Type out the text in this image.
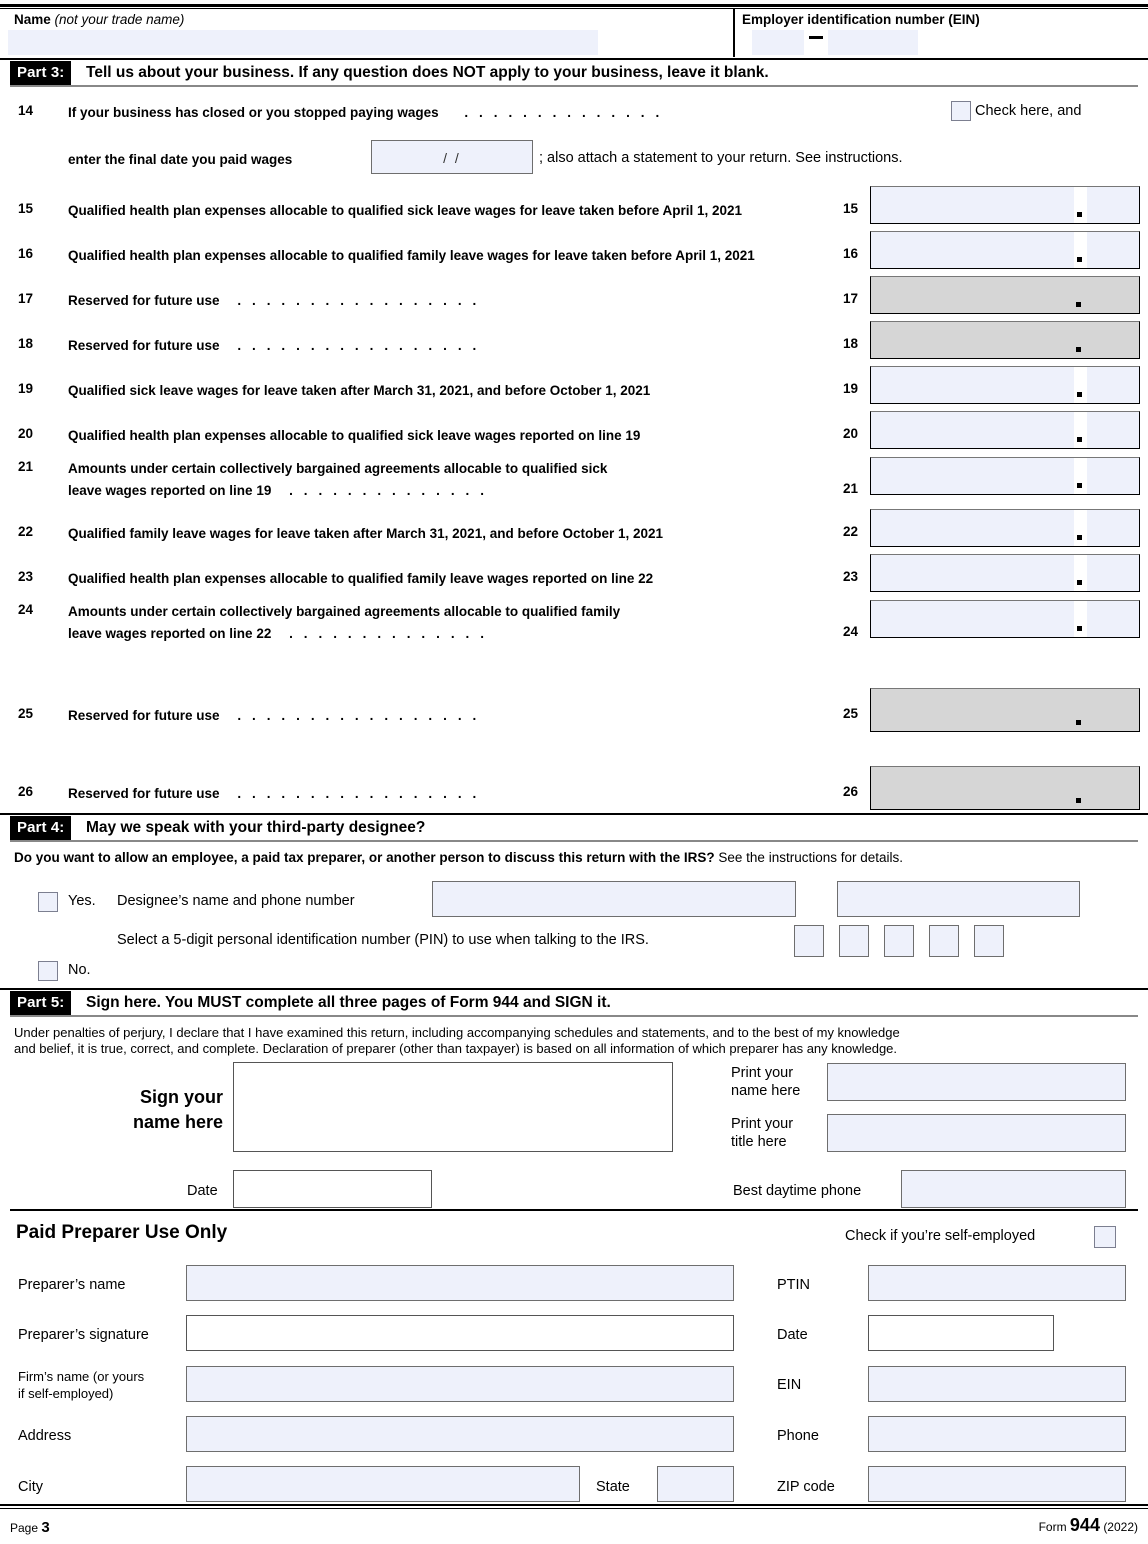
Name (not your trade name)	Employer identification number (EIN)
Part 3:	Tell us about your business. If any question does NOT apply to your business, leave it blank.
14	If your business has closed or you stopped paying wages . . . . . . . . . . . . . .	Check here, and
enter the final date you paid wages	/ /	; also attach a statement to your return. See instructions.
15	Qualified health plan expenses allocable to qualified sick leave wages for leave taken before April 1, 2021	15
16	Qualified health plan expenses allocable to qualified family leave wages for leave taken before April 1, 2021	16
17	Reserved for future use . . . . . . . . . . . . . . . . .	17
18	Reserved for future use . . . . . . . . . . . . . . . . .	18
19	Qualified sick leave wages for leave taken after March 31, 2021, and before October 1, 2021	19
20	Qualified health plan expenses allocable to qualified sick leave wages reported on line 19	20
21	Amounts under certain collectively bargained agreements allocable to qualified sick
leave wages reported on line 19 . . . . . . . . . . . . . .	21
22	Qualified family leave wages for leave taken after March 31, 2021, and before October 1, 2021	22
23	Qualified health plan expenses allocable to qualified family leave wages reported on line 22	23
24	Amounts under certain collectively bargained agreements allocable to qualified family
leave wages reported on line 22 . . . . . . . . . . . . . .	24
25	Reserved for future use . . . . . . . . . . . . . . . . .	25
26	Reserved for future use . . . . . . . . . . . . . . . . .	26
Part 4:	May we speak with your third-party designee?
Do you want to allow an employee, a paid tax preparer, or another person to discuss this return with the IRS? See the instructions for details.
Yes. Designee’s name and phone number
Select a 5-digit personal identification number (PIN) to use when talking to the IRS.
No.
Part 5:	Sign here. You MUST complete all three pages of Form 944 and SIGN it.
Under penalties of perjury, I declare that I have examined this return, including accompanying schedules and statements, and to the best of my knowledge
and belief, it is true, correct, and complete. Declaration of preparer (other than taxpayer) is based on all information of which preparer has any knowledge.
Sign your
name here
Print your
name here
Print your
title here
Date	Best daytime phone
Paid Preparer Use Only	Check if you’re self-employed
Preparer’s name	PTIN
Preparer’s signature	Date
Firm’s name (or yours
if self-employed)
EIN
Address	Phone
City	State	ZIP code
Page 3	Form 944 (2022)
